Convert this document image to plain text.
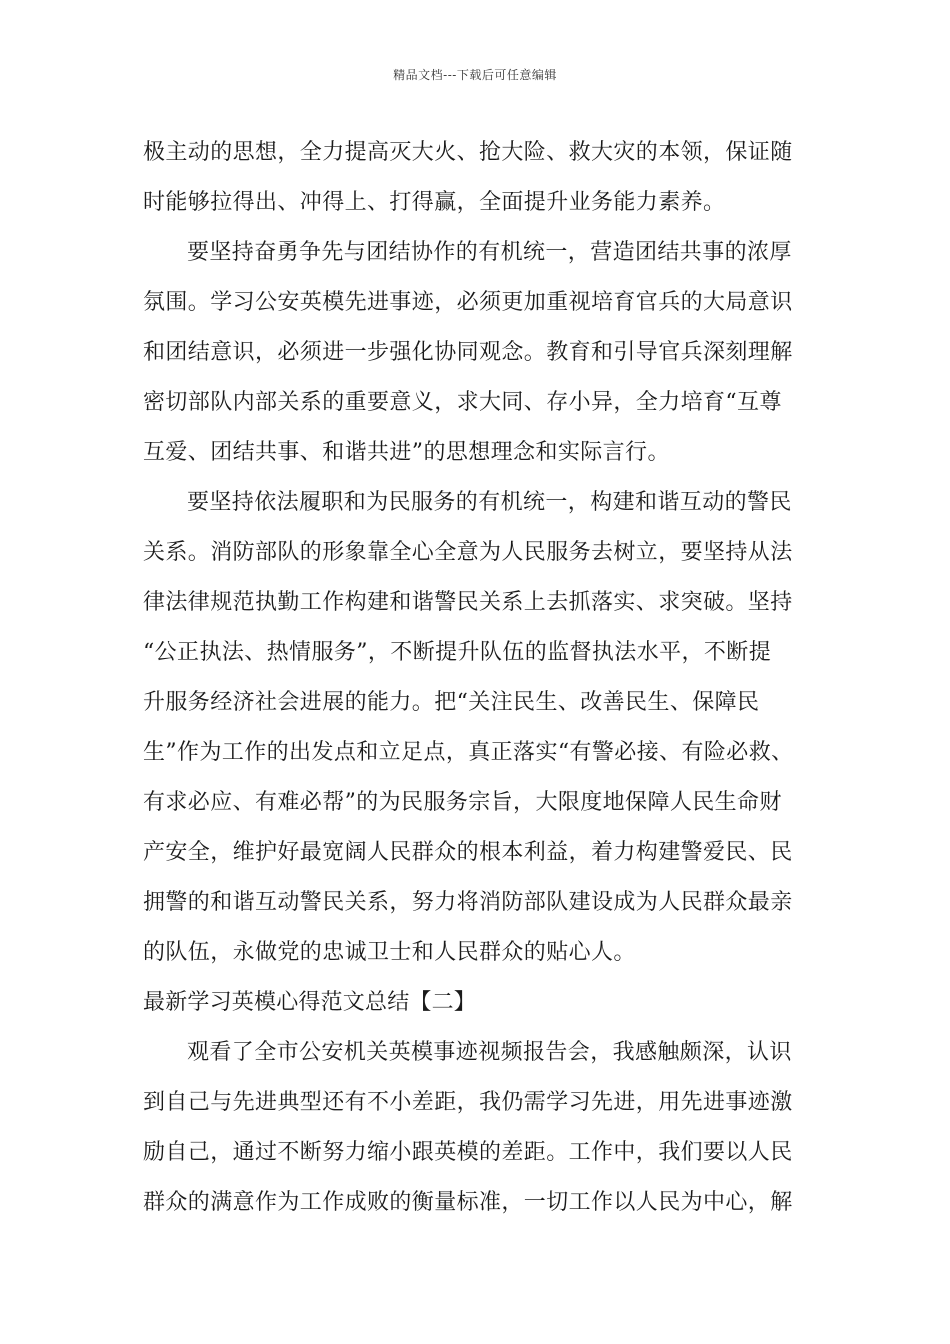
精品文档---下载后可任意编辑
极主动的思想，全力提高灭大火、抢大险、救大灾的本领，保证随
时能够拉得出、冲得上、打得赢，全面提升业务能力素养。
要坚持奋勇争先与团结协作的有机统一，营造团结共事的浓厚
氛围。学习公安英模先进事迹，必须更加重视培育官兵的大局意识
和团结意识，必须进一步强化协同观念。教育和引导官兵深刻理解
密切部队内部关系的重要意义，求大同、存小异，全力培育“互尊
互爱、团结共事、和谐共进”的思想理念和实际言行。
要坚持依法履职和为民服务的有机统一，构建和谐互动的警民
关系。消防部队的形象靠全心全意为人民服务去树立，要坚持从法
律法律规范执勤工作构建和谐警民关系上去抓落实、求突破。坚持
“公正执法、热情服务”，不断提升队伍的监督执法水平，不断提
升服务经济社会进展的能力。把“关注民生、改善民生、保障民
生”作为工作的出发点和立足点，真正落实“有警必接、有险必救、
有求必应、有难必帮”的为民服务宗旨，大限度地保障人民生命财
产安全，维护好最宽阔人民群众的根本利益，着力构建警爱民、民
拥警的和谐互动警民关系，努力将消防部队建设成为人民群众最亲
的队伍，永做党的忠诚卫士和人民群众的贴心人。
最新学习英模心得范文总结【二】
观看了全市公安机关英模事迹视频报告会，我感触颇深，认识
到自己与先进典型还有不小差距，我仍需学习先进，用先进事迹激
励自己，通过不断努力缩小跟英模的差距。工作中，我们要以人民
群众的满意作为工作成败的衡量标准，一切工作以人民为中心，解
